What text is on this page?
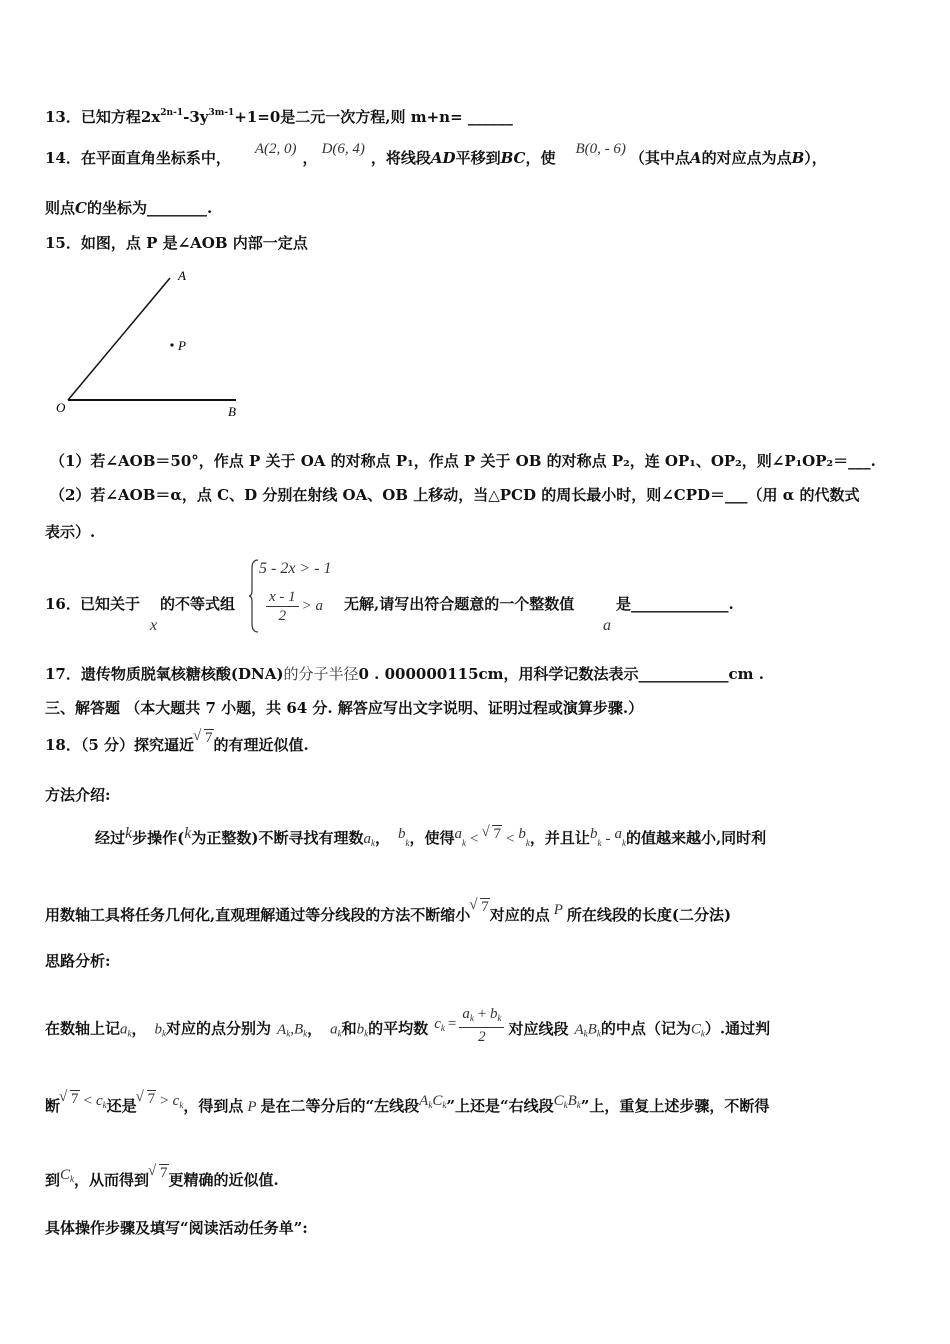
13．已知方程$2x^{2n-1}-3y^{3m-1}+1=0$是二元一次方程,则 m+n= ______
14．在平面直角坐标系中， A(2, 0) ， D(6, 4) ，将线段AD平移到BC，使 B(0, - 6) （其中点A的对应点为点B），
则点C的坐标为________.
15．如图，点 P 是∠AOB 内部一定点
A
P
O	B
（1）若∠AOB＝50°，作点 P 关于 OA 的对称点 P₁，作点 P 关于 OB 的对称点 P₂，连 OP₁、OP₂，则∠P₁OP₂＝___.
（2）若∠AOB＝α，点 C、D 分别在射线 OA、OB 上移动，当△PCD 的周长最小时，则∠CPD＝___（用 α 的代数式
表示）.
16． 已知关于
x
的不等式组
5 - 2x > - 1
$\frac{x - 1}{2} > a$ 无解,请写出符合题意的一个整数值
a
是_____________.
17．遗传物质脱氧核糖核酸(DNA)的分子半径0 . 000000115cm，用科学记数法表示____________cm .
三、解答题 （本大题共 7 小题，共 64 分. 解答应写出文字说明、证明过程或演算步骤.）
18．（5 分）探究逼近 √ 7的有理近似值.
方法介绍:
经过k步操作(k为正整数)不断寻找有理数$a_k$， $b_k$，使得$a_k$ < √ $7 < b_k$，并且让$b_k - a_k$的值越来越小,同时利
用数轴工具将任务几何化,直观理解通过等分线段的方法不断缩小 √ 7对应的点 P 所在线段的长度(二分法)
思路分析:
在数轴上记$a_k$， $b_k$对应的点分别为 $A_k,B_k$， $a_k$和$b_k$的平均数 $c^k = \frac{a_k + b_k}{2}$ 对应线段 $A_kB_k$的中点（记为$C_k$）.通过判
断 √ $7 < c^k$还是 √ $7 > c^k$，得到点 P 是在二等分后的“左线段$A^kC^k$”上还是“右线段$C^kB^k$”上，重复上述步骤，不断得
到$C^k$，从而得到 √ 7更精确的近似值.
具体操作步骤及填写“阅读活动任务单”:
